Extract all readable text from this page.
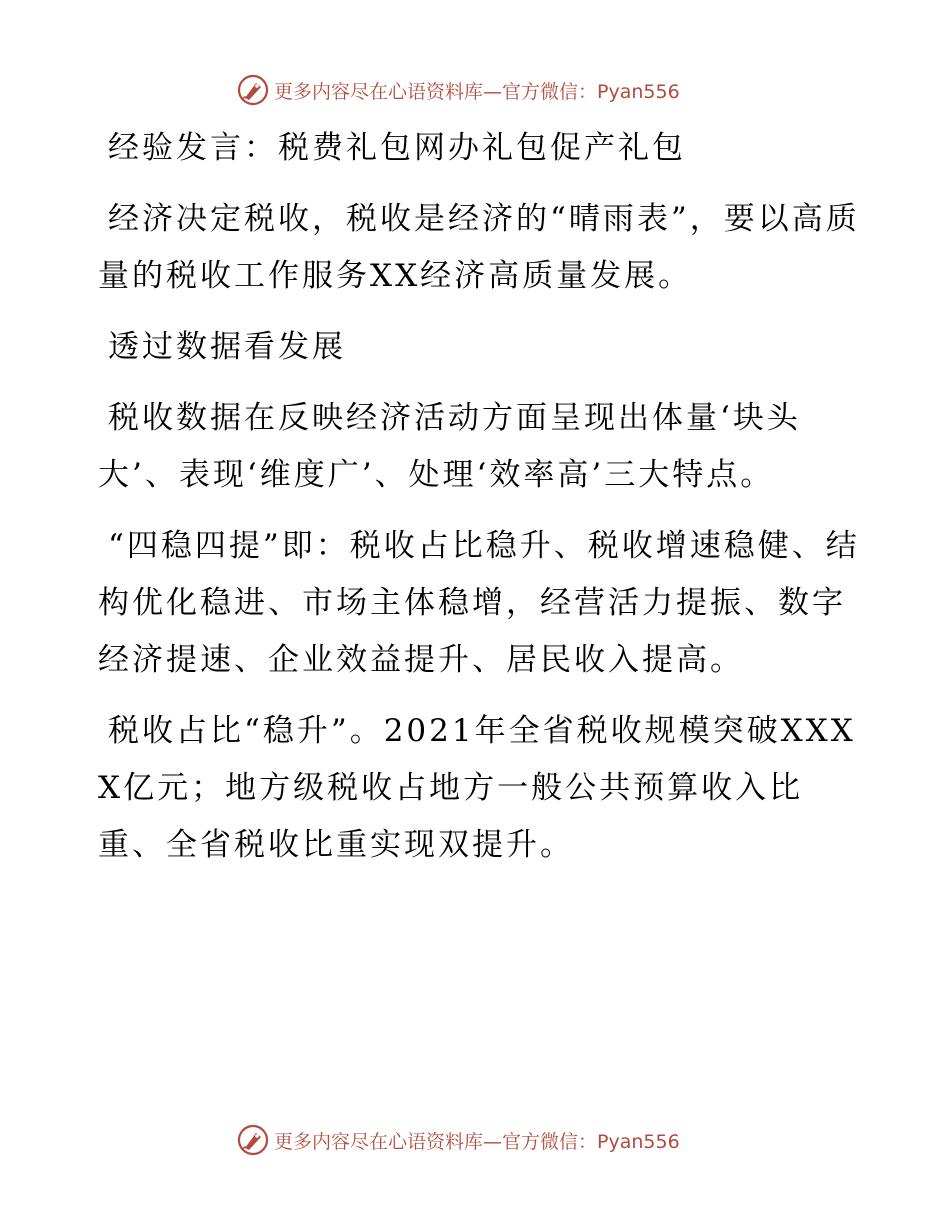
更多内容尽在心语资料库—官方微信：Pyan556

经验发言：税费礼包网办礼包促产礼包

经济决定税收，税收是经济的“晴雨表”，要以高质量的税收工作服务XX经济高质量发展。

透过数据看发展

税收数据在反映经济活动方面呈现出体量‘块头大’、表现‘维度广’、处理‘效率高’三大特点。

“四稳四提”即：税收占比稳升、税收增速稳健、结构优化稳进、市场主体稳增，经营活力提振、数字经济提速、企业效益提升、居民收入提高。

税收占比“稳升”。2021年全省税收规模突破XXXX亿元；地方级税收占地方一般公共预算收入比重、全省税收比重实现双提升。

更多内容尽在心语资料库—官方微信：Pyan556
